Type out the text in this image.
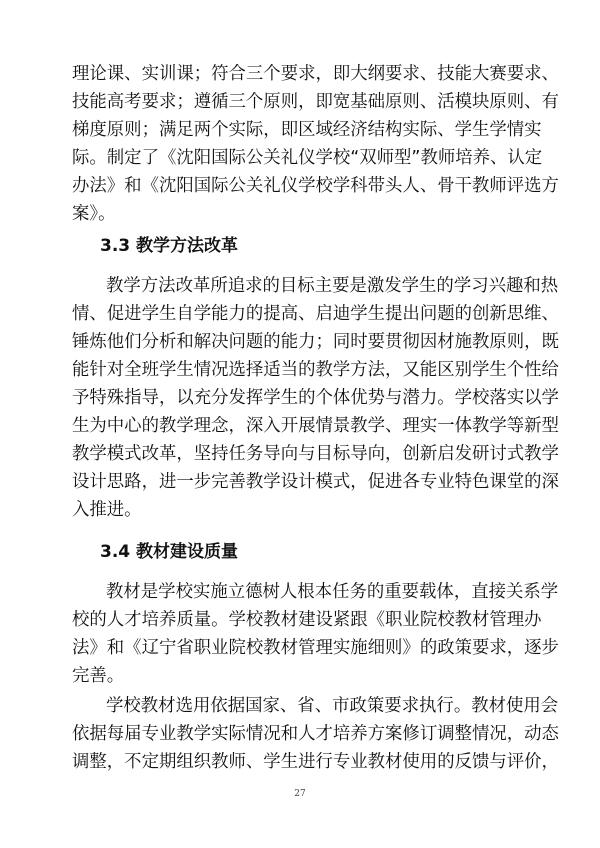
理论课、实训课；符合三个要求，即大纲要求、技能大赛要求、
技能高考要求；遵循三个原则，即宽基础原则、活模块原则、有
梯度原则；满足两个实际，即区域经济结构实际、学生学情实
际。制定了《沈阳国际公关礼仪学校“双师型”教师培养、认定
办法》和《沈阳国际公关礼仪学校学科带头人、骨干教师评选方
案》。
3.3 教学方法改革
教学方法改革所追求的目标主要是激发学生的学习兴趣和热
情、促进学生自学能力的提高、启迪学生提出问题的创新思维、
锤炼他们分析和解决问题的能力；同时要贯彻因材施教原则，既
能针对全班学生情况选择适当的教学方法，又能区别学生个性给
予特殊指导，以充分发挥学生的个体优势与潜力。学校落实以学
生为中心的教学理念，深入开展情景教学、理实一体教学等新型
教学模式改革，坚持任务导向与目标导向，创新启发研讨式教学
设计思路，进一步完善教学设计模式，促进各专业特色课堂的深
入推进。
3.4 教材建设质量
教材是学校实施立德树人根本任务的重要载体，直接关系学
校的人才培养质量。学校教材建设紧跟《职业院校教材管理办
法》和《辽宁省职业院校教材管理实施细则》的政策要求，逐步
完善。
学校教材选用依据国家、省、市政策要求执行。教材使用会
依据每届专业教学实际情况和人才培养方案修订调整情况，动态
调整，不定期组织教师、学生进行专业教材使用的反馈与评价，
27
